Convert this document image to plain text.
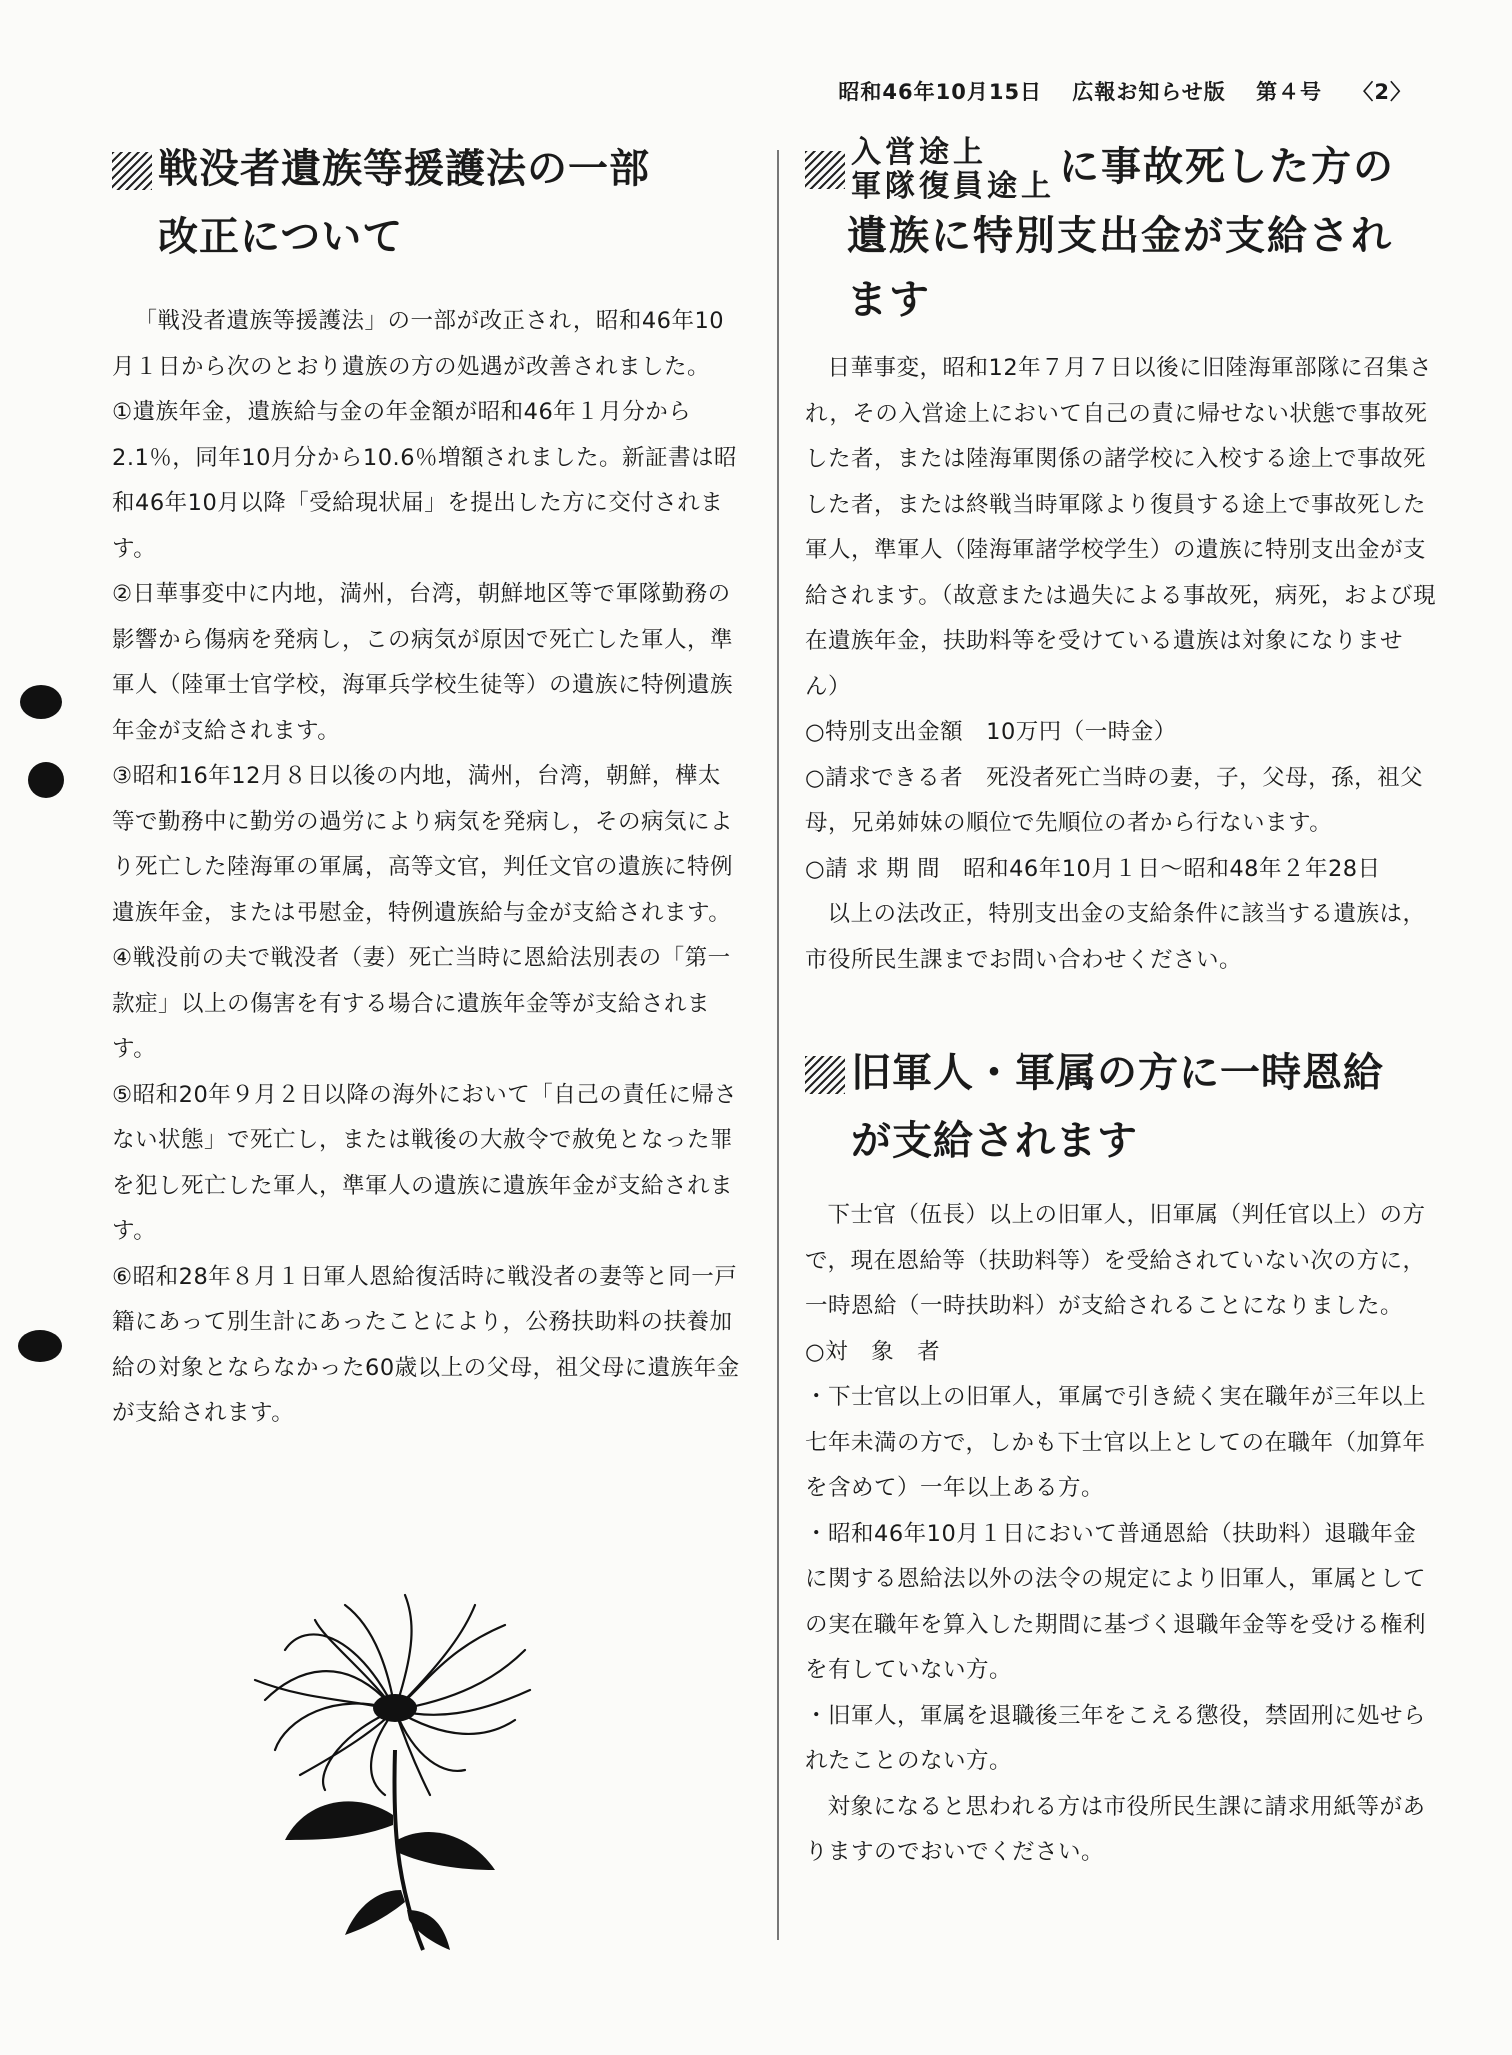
昭和46年10月15日 広報お知らせ版 第４号 〈2〉
戦没者遺族等援護法の一部
改正について

「戦没者遺族等援護法」の一部が改正され，昭和46年10月１日から次のとおり遺族の方の処遇が改善されました。

①遺族年金，遺族給与金の年金額が昭和46年１月分から2.1％，同年10月分から10.6％増額されました。新証書は昭和46年10月以降「受給現状届」を提出した方に交付されます。

②日華事変中に内地，満州，台湾，朝鮮地区等で軍隊勤務の影響から傷病を発病し，この病気が原因で死亡した軍人，準軍人（陸軍士官学校，海軍兵学校生徒等）の遺族に特例遺族年金が支給されます。

③昭和16年12月８日以後の内地，満州，台湾，朝鮮，樺太等で勤務中に勤労の過労により病気を発病し，その病気により死亡した陸海軍の軍属，高等文官，判任文官の遺族に特例遺族年金，または弔慰金，特例遺族給与金が支給されます。

④戦没前の夫で戦没者（妻）死亡当時に恩給法別表の「第一款症」以上の傷害を有する場合に遺族年金等が支給されます。

⑤昭和20年９月２日以降の海外において「自己の責任に帰さない状態」で死亡し，または戦後の大赦令で赦免となった罪を犯し死亡した軍人，準軍人の遺族に遺族年金が支給されます。

⑥昭和28年８月１日軍人恩給復活時に戦没者の妻等と同一戸籍にあって別生計にあったことにより，公務扶助料の扶養加給の対象とならなかった60歳以上の父母，祖父母に遺族年金が支給されます。

入営途上
軍隊復員途上 に事故死した方の
遺族に特別支出金が支給され
ます

日華事変，昭和12年７月７日以後に旧陸海軍部隊に召集され，その入営途上において自己の責に帰せない状態で事故死した者，または陸海軍関係の諸学校に入校する途上で事故死した者，または終戦当時軍隊より復員する途上で事故死した軍人，準軍人（陸海軍諸学校学生）の遺族に特別支出金が支給されます。（故意または過失による事故死，病死，および現在遺族年金，扶助料等を受けている遺族は対象になりません）

○特別支出金額　10万円（一時金）

○請求できる者　死没者死亡当時の妻，子，父母，孫，祖父母，兄弟姉妹の順位で先順位の者から行ないます。

○請 求 期 間　昭和46年10月１日～昭和48年２年28日

以上の法改正，特別支出金の支給条件に該当する遺族は，市役所民生課までお問い合わせください。

旧軍人・軍属の方に一時恩給
が支給されます

下士官（伍長）以上の旧軍人，旧軍属（判任官以上）の方で，現在恩給等（扶助料等）を受給されていない次の方に，一時恩給（一時扶助料）が支給されることになりました。

○対　象　者

・下士官以上の旧軍人，軍属で引き続く実在職年が三年以上七年未満の方で，しかも下士官以上としての在職年（加算年を含めて）一年以上ある方。

・昭和46年10月１日において普通恩給（扶助料）退職年金に関する恩給法以外の法令の規定により旧軍人，軍属としての実在職年を算入した期間に基づく退職年金等を受ける権利を有していない方。

・旧軍人，軍属を退職後三年をこえる懲役，禁固刑に処せられたことのない方。

対象になると思われる方は市役所民生課に請求用紙等がありますのでおいでください。
